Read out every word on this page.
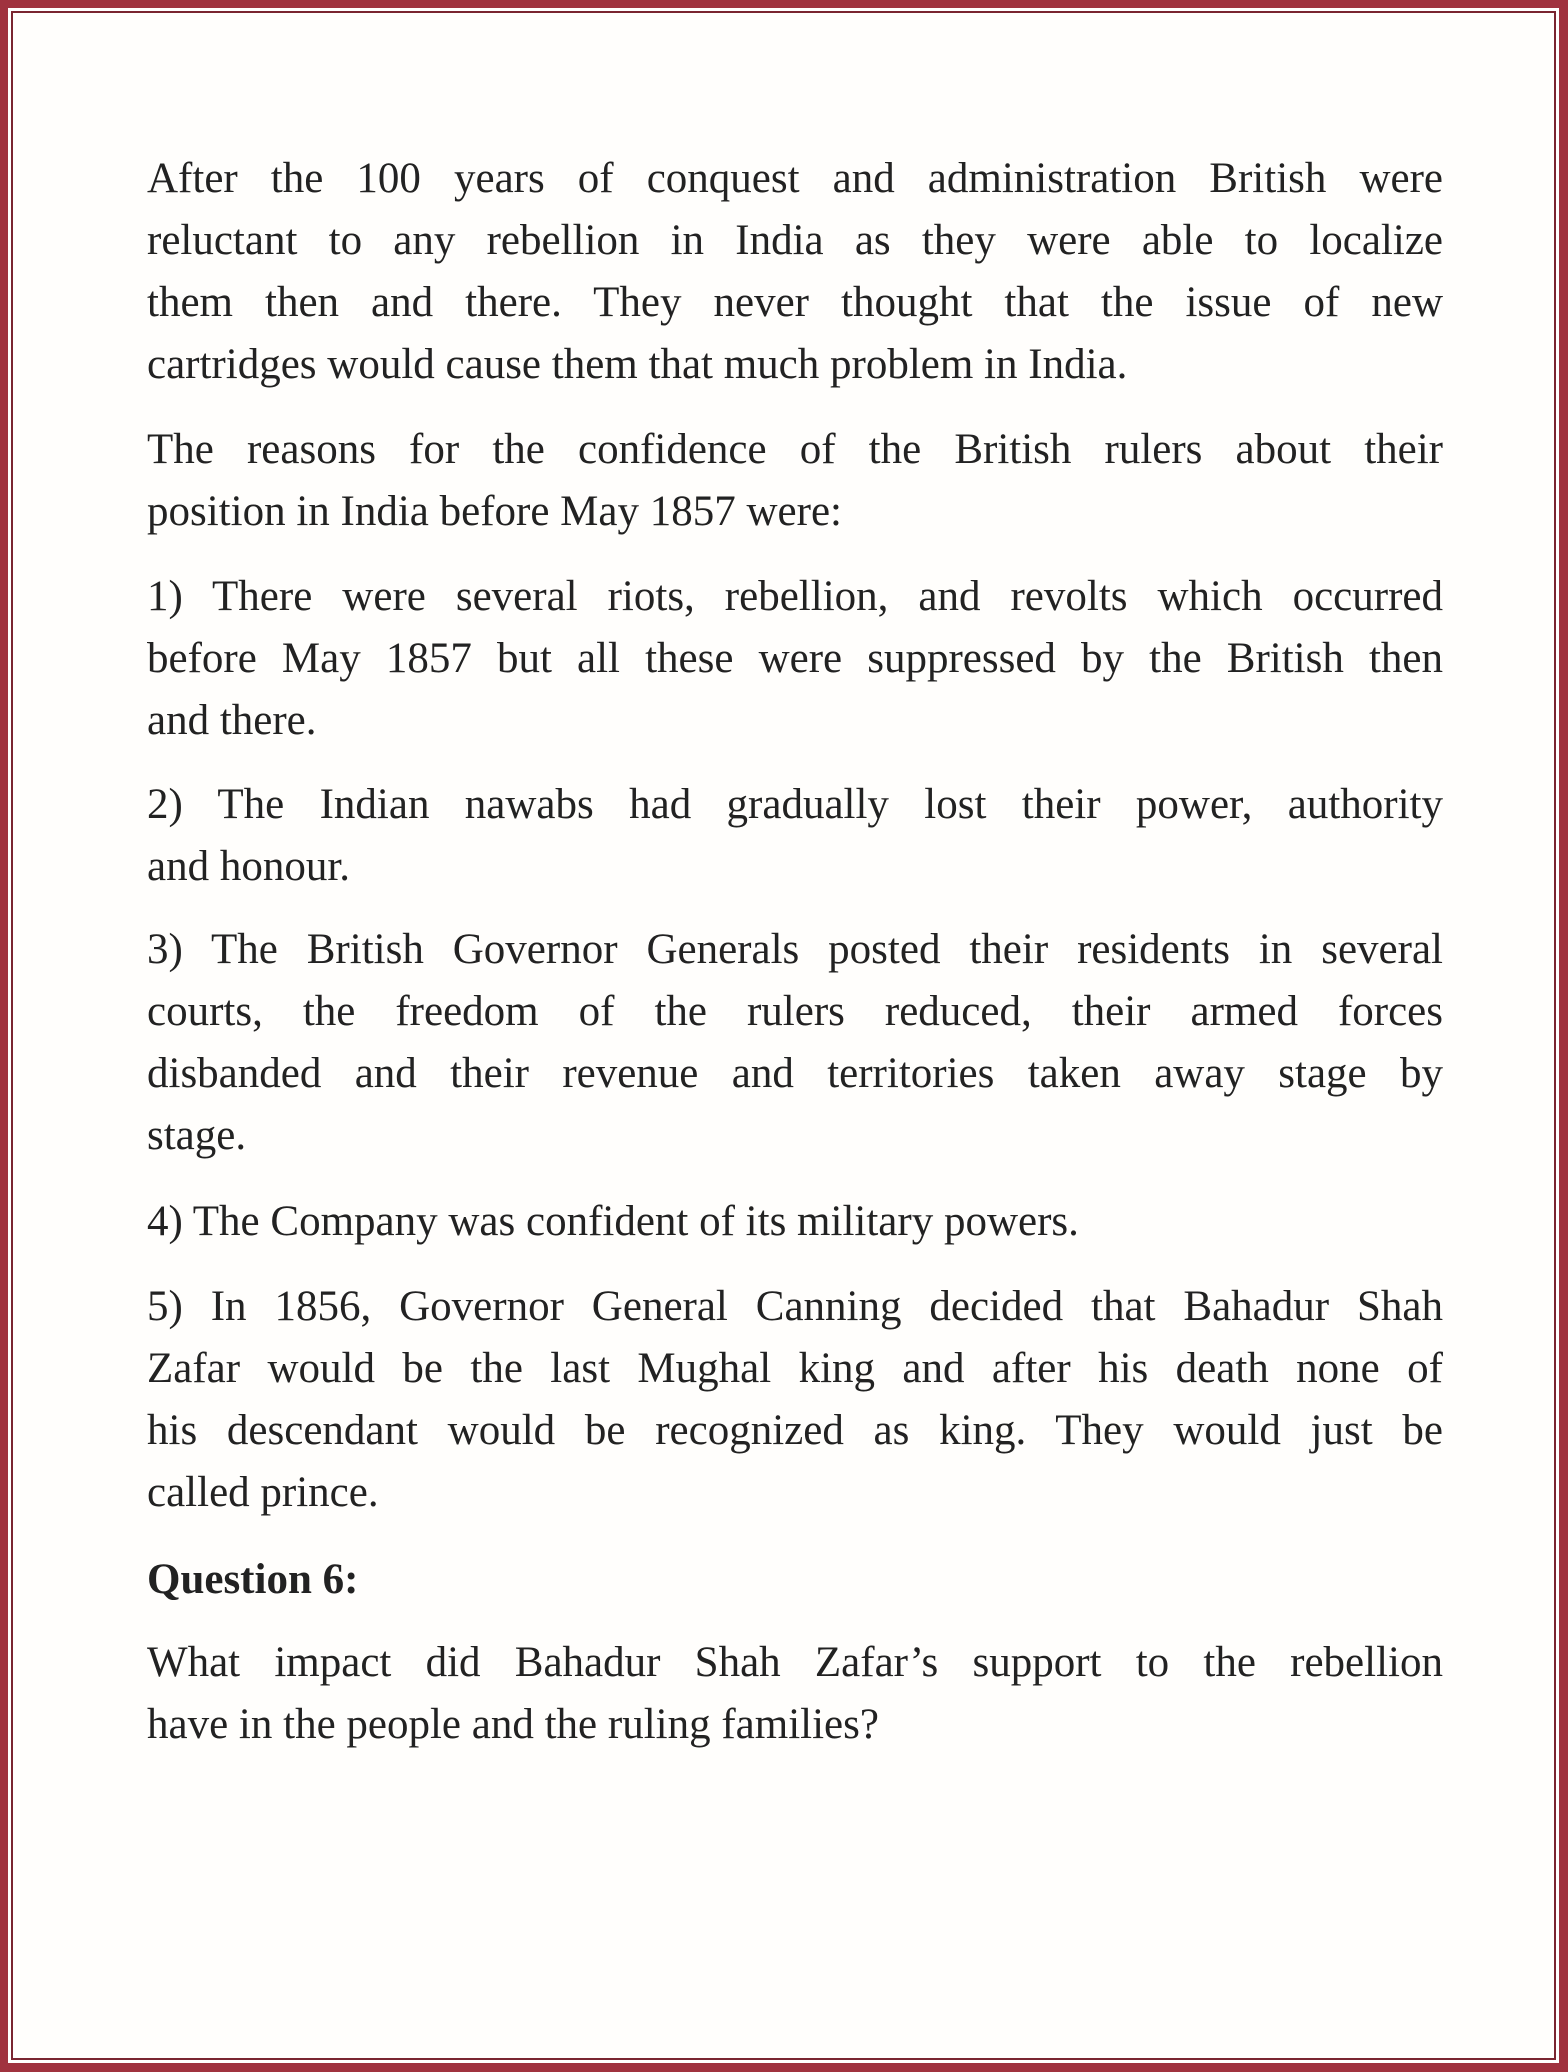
After the 100 years of conquest and administration British were
reluctant to any rebellion in India as they were able to localize
them then and there. They never thought that the issue of new
cartridges would cause them that much problem in India.
The reasons for the confidence of the British rulers about their
position in India before May 1857 were:
1) There were several riots, rebellion, and revolts which occurred
before May 1857 but all these were suppressed by the British then
and there.
2) The Indian nawabs had gradually lost their power, authority
and honour.
3) The British Governor Generals posted their residents in several
courts, the freedom of the rulers reduced, their armed forces
disbanded and their revenue and territories taken away stage by
stage.
4) The Company was confident of its military powers.
5) In 1856, Governor General Canning decided that Bahadur Shah
Zafar would be the last Mughal king and after his death none of
his descendant would be recognized as king. They would just be
called prince.
Question 6:
What impact did Bahadur Shah Zafar’s support to the rebellion
have in the people and the ruling families?
